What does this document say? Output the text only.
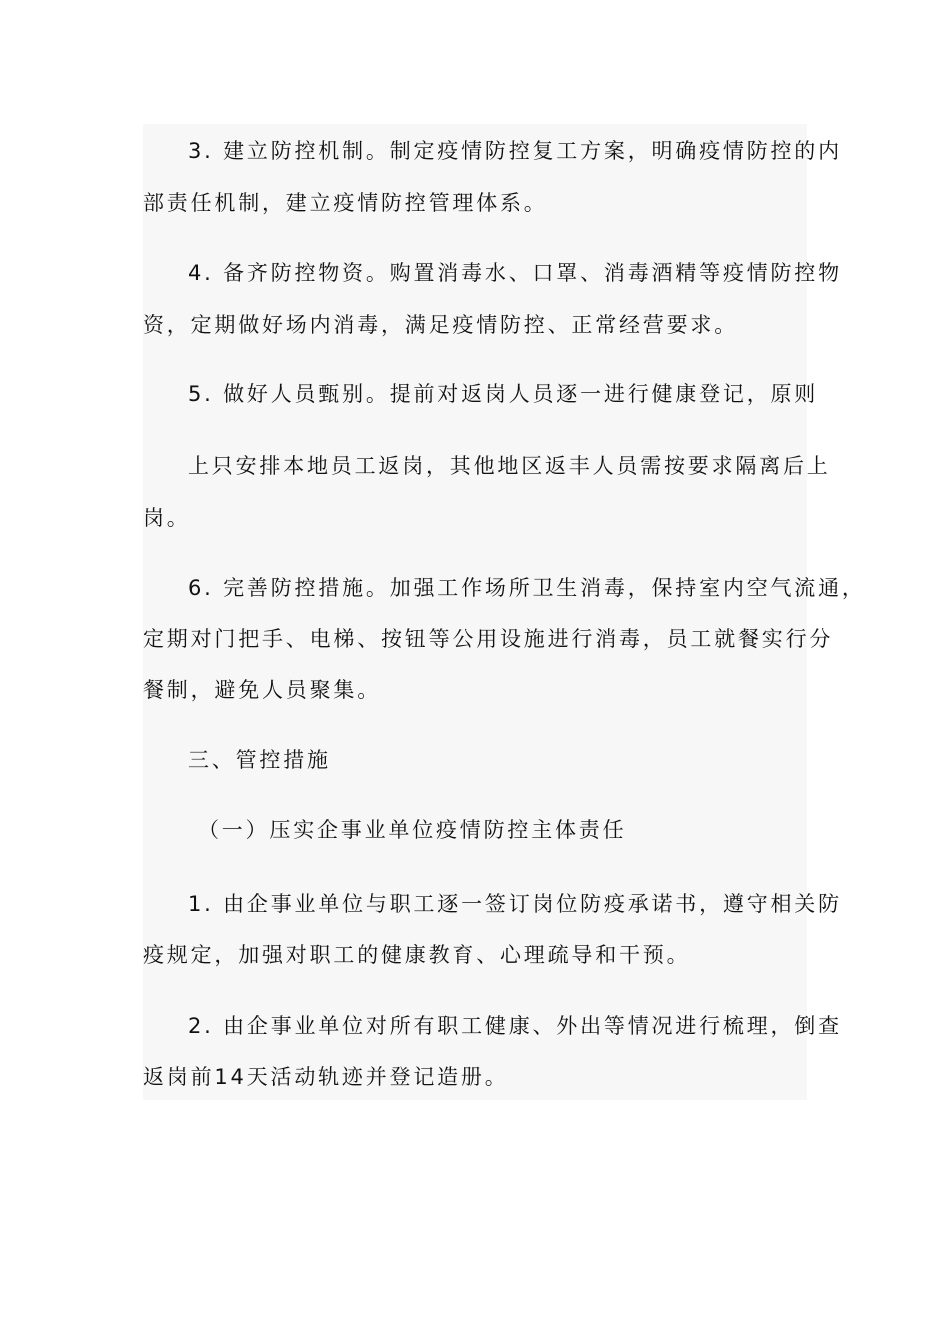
3. 建立防控机制。制定疫情防控复工方案，明确疫情防控的内
部责任机制，建立疫情防控管理体系。
4. 备齐防控物资。购置消毒水、口罩、消毒酒精等疫情防控物
资，定期做好场内消毒，满足疫情防控、正常经营要求。
5. 做好人员甄别。提前对返岗人员逐一进行健康登记，原则
上只安排本地员工返岗，其他地区返丰人员需按要求隔离后上
岗。
6. 完善防控措施。加强工作场所卫生消毒，保持室内空气流通，
定期对门把手、电梯、按钮等公用设施进行消毒，员工就餐实行分
餐制，避免人员聚集。
三、管控措施
（一）压实企事业单位疫情防控主体责任
1. 由企事业单位与职工逐一签订岗位防疫承诺书，遵守相关防
疫规定，加强对职工的健康教育、心理疏导和干预。
2. 由企事业单位对所有职工健康、外出等情况进行梳理，倒查
返岗前14天活动轨迹并登记造册。
